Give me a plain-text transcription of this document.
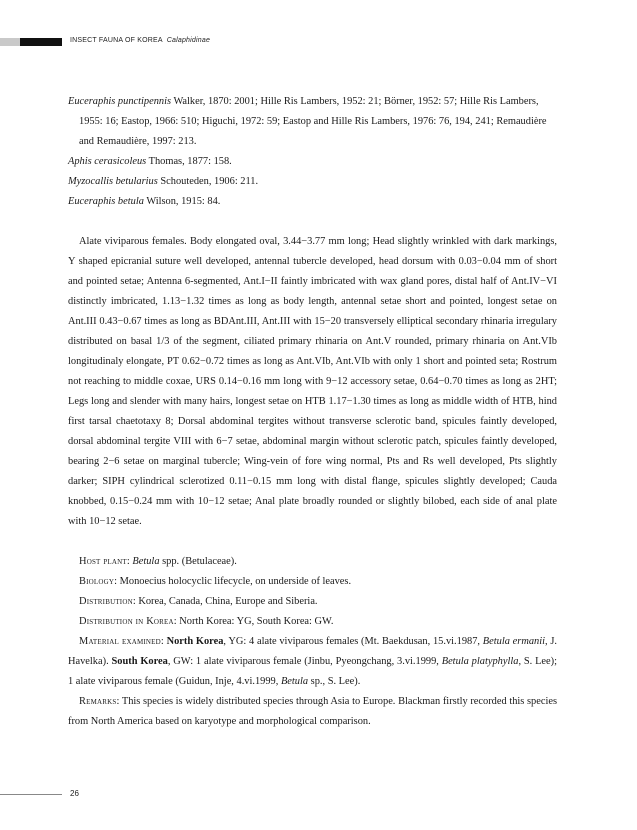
INSECT FAUNA OF KOREA Calaphidinae
Euceraphis punctipennis Walker, 1870: 2001; Hille Ris Lambers, 1952: 21; Börner, 1952: 57; Hille Ris Lambers, 1955: 16; Eastop, 1966: 510; Higuchi, 1972: 59; Eastop and Hille Ris Lambers, 1976: 76, 194, 241; Remaudière and Remaudière, 1997: 213.
Aphis cerasicoleus Thomas, 1877: 158.
Myzocallis betularius Schouteden, 1906: 211.
Euceraphis betula Wilson, 1915: 84.
Alate viviparous females. Body elongated oval, 3.44−3.77 mm long; Head slightly wrinkled with dark markings, Y shaped epicranial suture well developed, antennal tubercle developed, head dorsum with 0.03−0.04 mm of short and pointed setae; Antenna 6-segmented, Ant.I−II faintly imbricated with wax gland pores, distal half of Ant.IV−VI distinctly imbricated, 1.13−1.32 times as long as body length, antennal setae short and pointed, longest setae on Ant.III 0.43−0.67 times as long as BDAnt.III, Ant.III with 15−20 transversely elliptical secondary rhinaria irregulary distributed on basal 1/3 of the segment, ciliated primary rhinaria on Ant.V rounded, primary rhinaria on Ant.VIb longitudinaly elongate, PT 0.62−0.72 times as long as Ant.VIb, Ant.VIb with only 1 short and pointed seta; Rostrum not reaching to middle coxae, URS 0.14−0.16 mm long with 9−12 accessory setae, 0.64−0.70 times as long as 2HT; Legs long and slender with many hairs, longest setae on HTB 1.17−1.30 times as long as middle width of HTB, hind first tarsal chaetotaxy 8; Dorsal abdominal tergites without transverse sclerotic band, spicules faintly developed, dorsal abdominal tergite VIII with 6−7 setae, abdominal margin without sclerotic patch, spicules faintly developed, bearing 2−6 setae on marginal tubercle; Wing-vein of fore wing normal, Pts and Rs well developed, Pts slightly darker; SIPH cylindrical sclerotized 0.11−0.15 mm long with distal flange, spicules slightly developed; Cauda knobbed, 0.15−0.24 mm with 10−12 setae; Anal plate broadly rounded or slightly bilobed, each side of anal plate with 10−12 setae.
Host plant: Betula spp. (Betulaceae).
Biology: Monoecius holocyclic lifecycle, on underside of leaves.
Distribution: Korea, Canada, China, Europe and Siberia.
Distribution in Korea: North Korea: YG, South Korea: GW.
Material examined: North Korea, YG: 4 alate viviparous females (Mt. Baekdusan, 15.vi.1987, Betula ermanii, J. Havelka). South Korea, GW: 1 alate viviparous female (Jinbu, Pyeongchang, 3.vi.1999, Betula platyphylla, S. Lee); 1 alate viviparous female (Guidun, Inje, 4.vi.1999, Betula sp., S. Lee).
Remarks: This species is widely distributed species through Asia to Europe. Blackman firstly recorded this species from North America based on karyotype and morphological comparison.
26
